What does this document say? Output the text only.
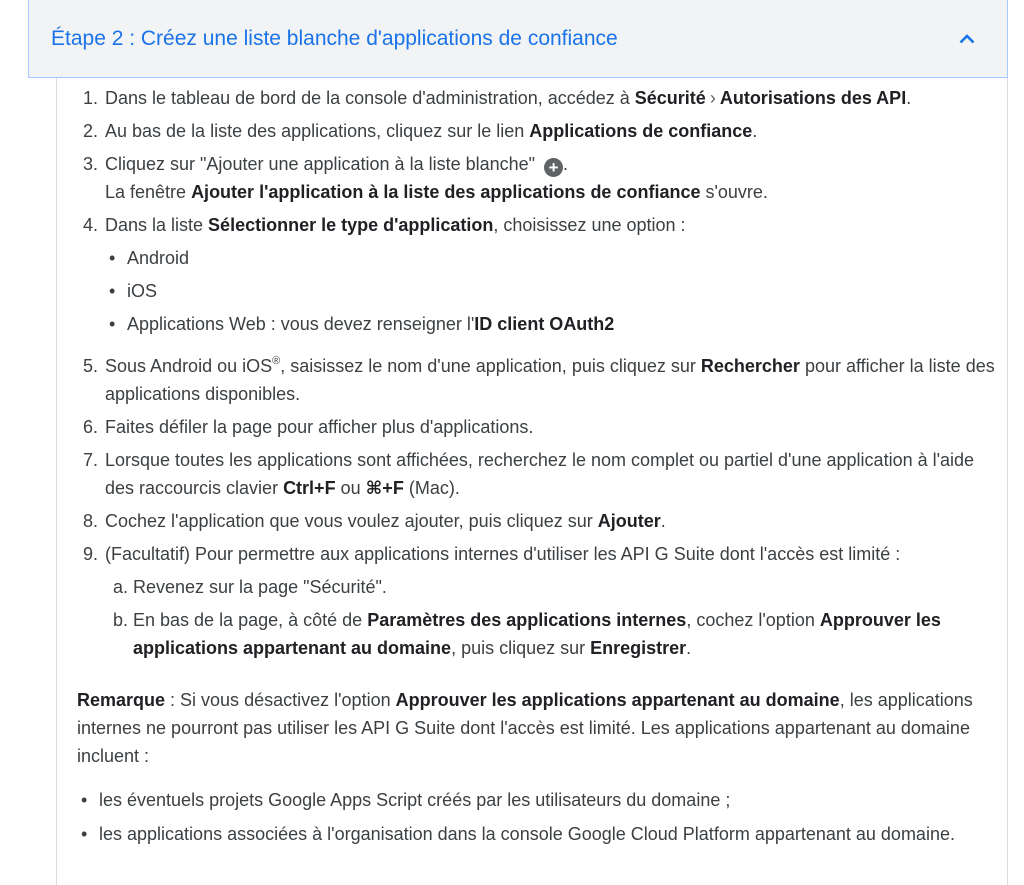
Étape 2 : Créez une liste blanche d'applications de confiance
1. Dans le tableau de bord de la console d'administration, accédez à Sécurité › Autorisations des API.
2. Au bas de la liste des applications, cliquez sur le lien Applications de confiance.
3. Cliquez sur "Ajouter une application à la liste blanche" + .
La fenêtre Ajouter l'application à la liste des applications de confiance s'ouvre.
4. Dans la liste Sélectionner le type d'application, choisissez une option :
• Android
• iOS
• Applications Web : vous devez renseigner l'ID client OAuth2
5. Sous Android ou iOS®, saisissez le nom d'une application, puis cliquez sur Rechercher pour afficher la liste des applications disponibles.
6. Faites défiler la page pour afficher plus d'applications.
7. Lorsque toutes les applications sont affichées, recherchez le nom complet ou partiel d'une application à l'aide des raccourcis clavier Ctrl+F ou ⌘+F (Mac).
8. Cochez l'application que vous voulez ajouter, puis cliquez sur Ajouter.
9. (Facultatif) Pour permettre aux applications internes d'utiliser les API G Suite dont l'accès est limité :
a. Revenez sur la page "Sécurité".
b. En bas de la page, à côté de Paramètres des applications internes, cochez l'option Approuver les applications appartenant au domaine, puis cliquez sur Enregistrer.

Remarque : Si vous désactivez l'option Approuver les applications appartenant au domaine, les applications internes ne pourront pas utiliser les API G Suite dont l'accès est limité. Les applications appartenant au domaine incluent :

• les éventuels projets Google Apps Script créés par les utilisateurs du domaine ;
• les applications associées à l'organisation dans la console Google Cloud Platform appartenant au domaine.
